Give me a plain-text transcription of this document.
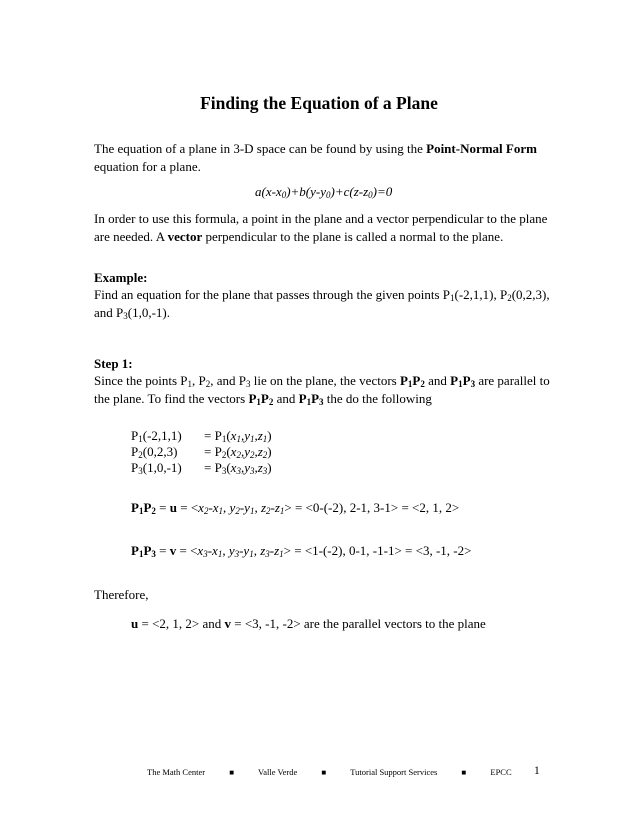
Finding the Equation of a Plane

The equation of a plane in 3-D space can be found by using the Point-Normal Form

equation for a plane.

$a(x-x_0)+b(y-y_0)+c(z-z_0)=0$

In order to use this formula, a point in the plane and a vector perpendicular to the plane

are needed. A vector perpendicular to the plane is called a normal to the plane.

Example:

Find an equation for the plane that passes through the given points $P_1(-2,1,1)$, $P_2(0,2,3)$,

and $P_3(1,0,-1)$.

Step 1:

Since the points $P_1$, $P_2$, and $P_3$ lie on the plane, the vectors $P_1P_2$ and $P_1P_3$ are parallel to

the plane. To find the vectors $P_1P_2$ and $P_1P_3$ the do the following

$P_1(-2,1,1) = P_1(x_1,y_1,z_1)$
$P_2(0,2,3) = P_2(x_2,y_2,z_2)$
$P_3(1,0,-1) = P_3(x_3,y_3,z_3)$
$P_1P_2 = u = <x_2-x_1$, $y_2-y_1$, $z_2-z_1> = <0-(-2)$, 2-1, 3-1> = <2, 1, 2>
$P_1P_3 = v = <x_3-x_1$, $y_3-y_1$, $z_3-z_1> = <1-(-2)$, 0-1, -1-1> = <3, -1, -2>
Therefore,
u = <2, 1, 2> and v = <3, -1, -2> are the parallel vectors to the plane
The Math Center	■	Valle Verde	■	Tutorial Support Services	■	EPCC	1
